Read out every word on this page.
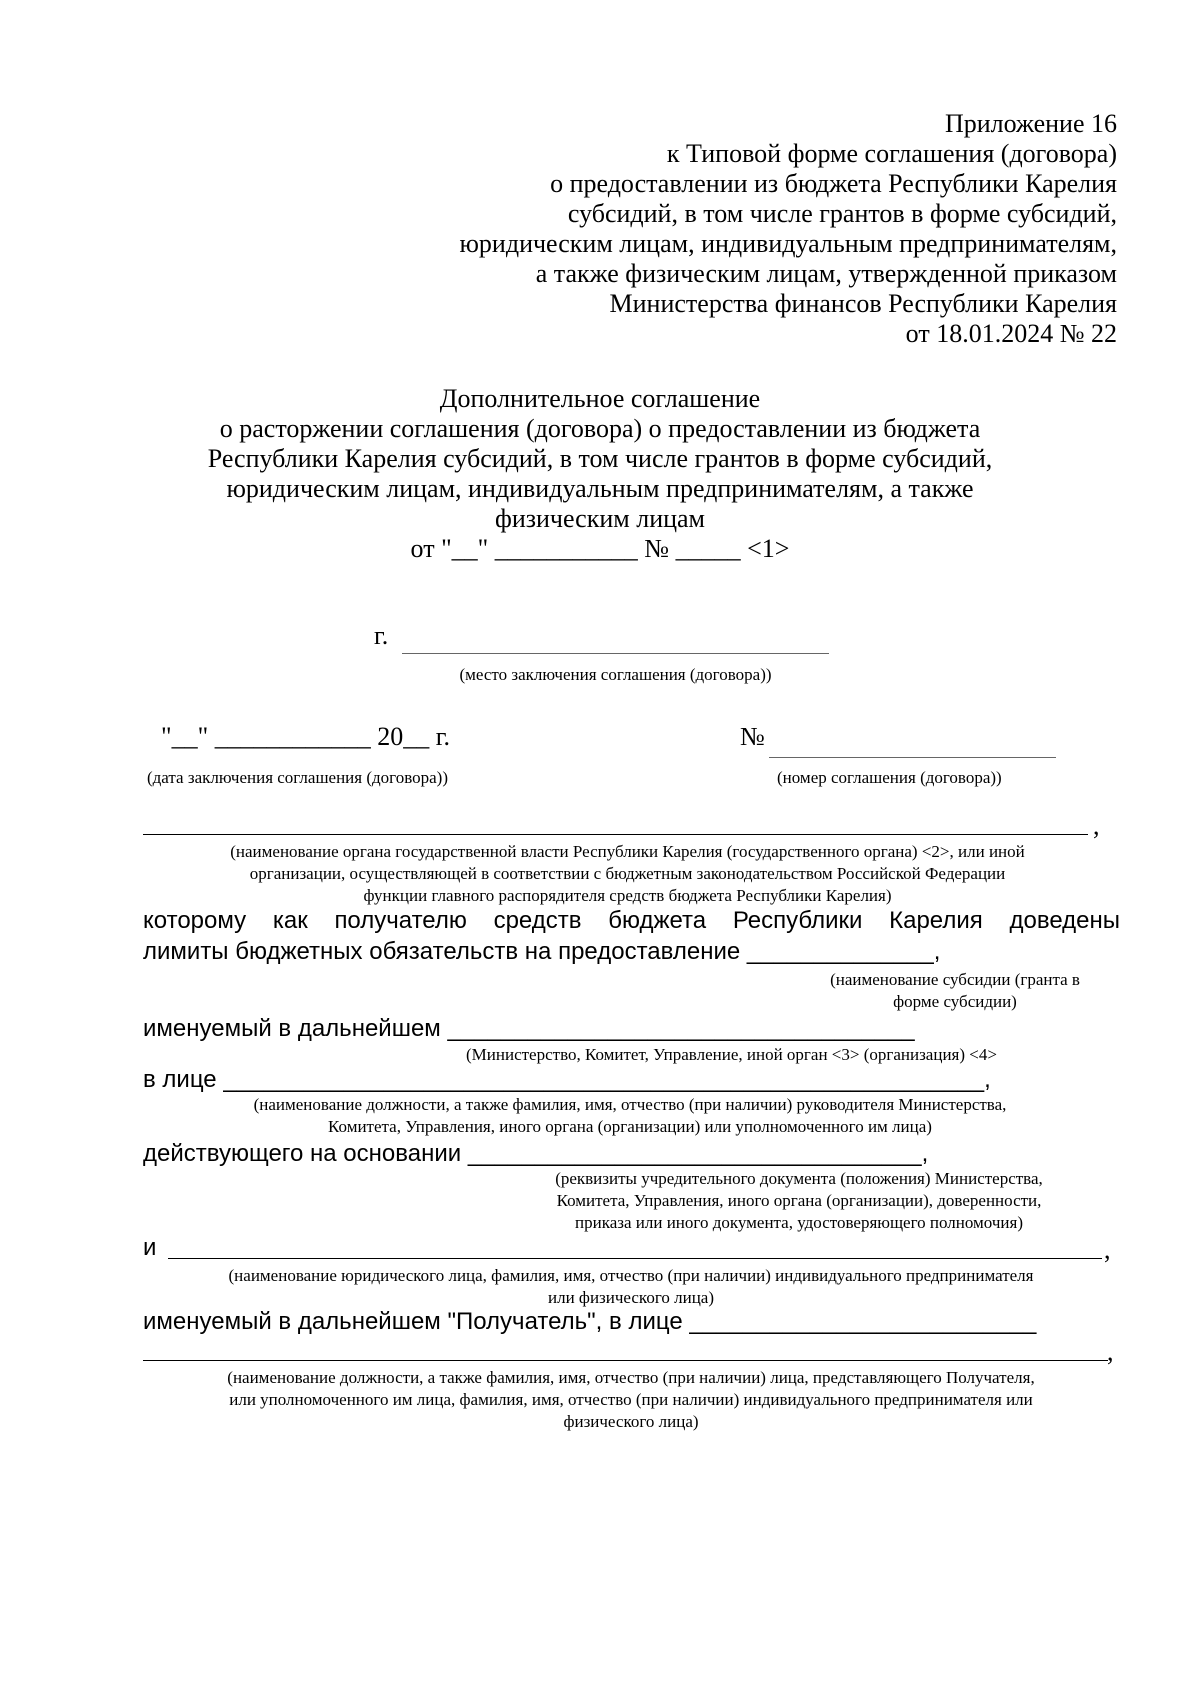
Приложение 16

к Типовой форме соглашения (договора)

о предоставлении из бюджета Республики Карелия

субсидий, в том числе грантов в форме субсидий,

юридическим лицам, индивидуальным предпринимателям,

а также физическим лицам, утвержденной приказом

Министерства финансов Республики Карелия

от 18.01.2024 № 22

Дополнительное соглашение

о расторжении соглашения (договора) о предоставлении из бюджета

Республики Карелия субсидий, в том числе грантов в форме субсидий,

юридическим лицам, индивидуальным предпринимателям, а также

физическим лицам

от "__" ___________ № _____ <1>

г.

(место заключения соглашения (договора))

"__" ____________ 20__ г.	№

(дата заключения соглашения (договора))	(номер соглашения (договора))

,

(наименование органа государственной власти Республики Карелия (государственного органа) <2>, или иной

организации, осуществляющей в соответствии с бюджетным законодательством Российской Федерации

функции главного распорядителя средств бюджета Республики Карелия)

которому как получателю средств бюджета Республики Карелия доведены

лимиты бюджетных обязательств на предоставление ______________,

(наименование субсидии (гранта в

форме субсидии)

именуемый в дальнейшем ___________________________________

(Министерство, Комитет, Управление, иной орган <3> (организация) <4>

в лице _________________________________________________________,

(наименование должности, а также фамилия, имя, отчество (при наличии) руководителя Министерства,

Комитета, Управления, иного органа (организации) или уполномоченного им лица)

действующего на основании __________________________________,

(реквизиты учредительного документа (положения) Министерства,

Комитета, Управления, иного органа (организации), доверенности,

приказа или иного документа, удостоверяющего полномочия)

и	,

(наименование юридического лица, фамилия, имя, отчество (при наличии) индивидуального предпринимателя

или физического лица)

именуемый в дальнейшем "Получатель", в лице __________________________

,

(наименование должности, а также фамилия, имя, отчество (при наличии) лица, представляющего Получателя,

или уполномоченного им лица, фамилия, имя, отчество (при наличии) индивидуального предпринимателя или

физического лица)
